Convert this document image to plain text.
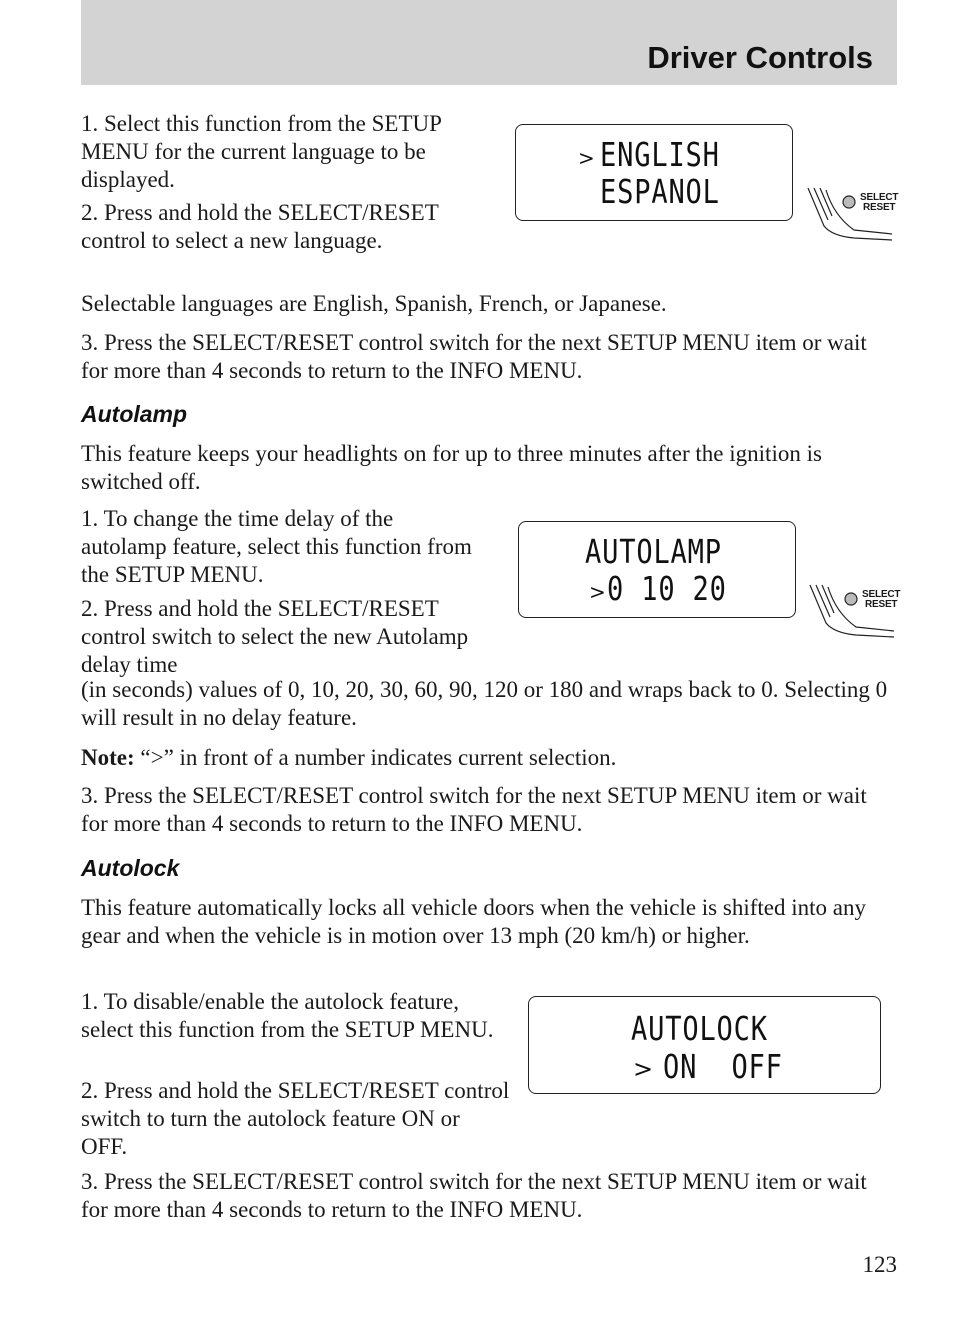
Driver Controls

1. Select this function from the SETUP MENU for the current language to be displayed.

2. Press and hold the SELECT/RESET control to select a new language.

> ENGLISH
ESPANOL	SELECT
RESET

Selectable languages are English, Spanish, French, or Japanese.

3. Press the SELECT/RESET control switch for the next SETUP MENU item or wait for more than 4 seconds to return to the INFO MENU.

Autolamp

This feature keeps your headlights on for up to three minutes after the ignition is switched off.

1. To change the time delay of the autolamp feature, select this function from the SETUP MENU.

2. Press and hold the SELECT/RESET control switch to select the new Autolamp delay time

(in seconds) values of 0, 10, 20, 30, 60, 90, 120 or 180 and wraps back to 0. Selecting 0 will result in no delay feature.

AUTOLAMP
> 0 10 20	SELECT
RESET

Note: “>” in front of a number indicates current selection.

3. Press the SELECT/RESET control switch for the next SETUP MENU item or wait for more than 4 seconds to return to the INFO MENU.

Autolock

This feature automatically locks all vehicle doors when the vehicle is shifted into any gear and when the vehicle is in motion over 13 mph (20 km/h) or higher.

1. To disable/enable the autolock feature, select this function from the SETUP MENU.

2. Press and hold the SELECT/RESET control switch to turn the autolock feature ON or OFF.

AUTOLOCK
> ON  OFF

3. Press the SELECT/RESET control switch for the next SETUP MENU item or wait for more than 4 seconds to return to the INFO MENU.

123
